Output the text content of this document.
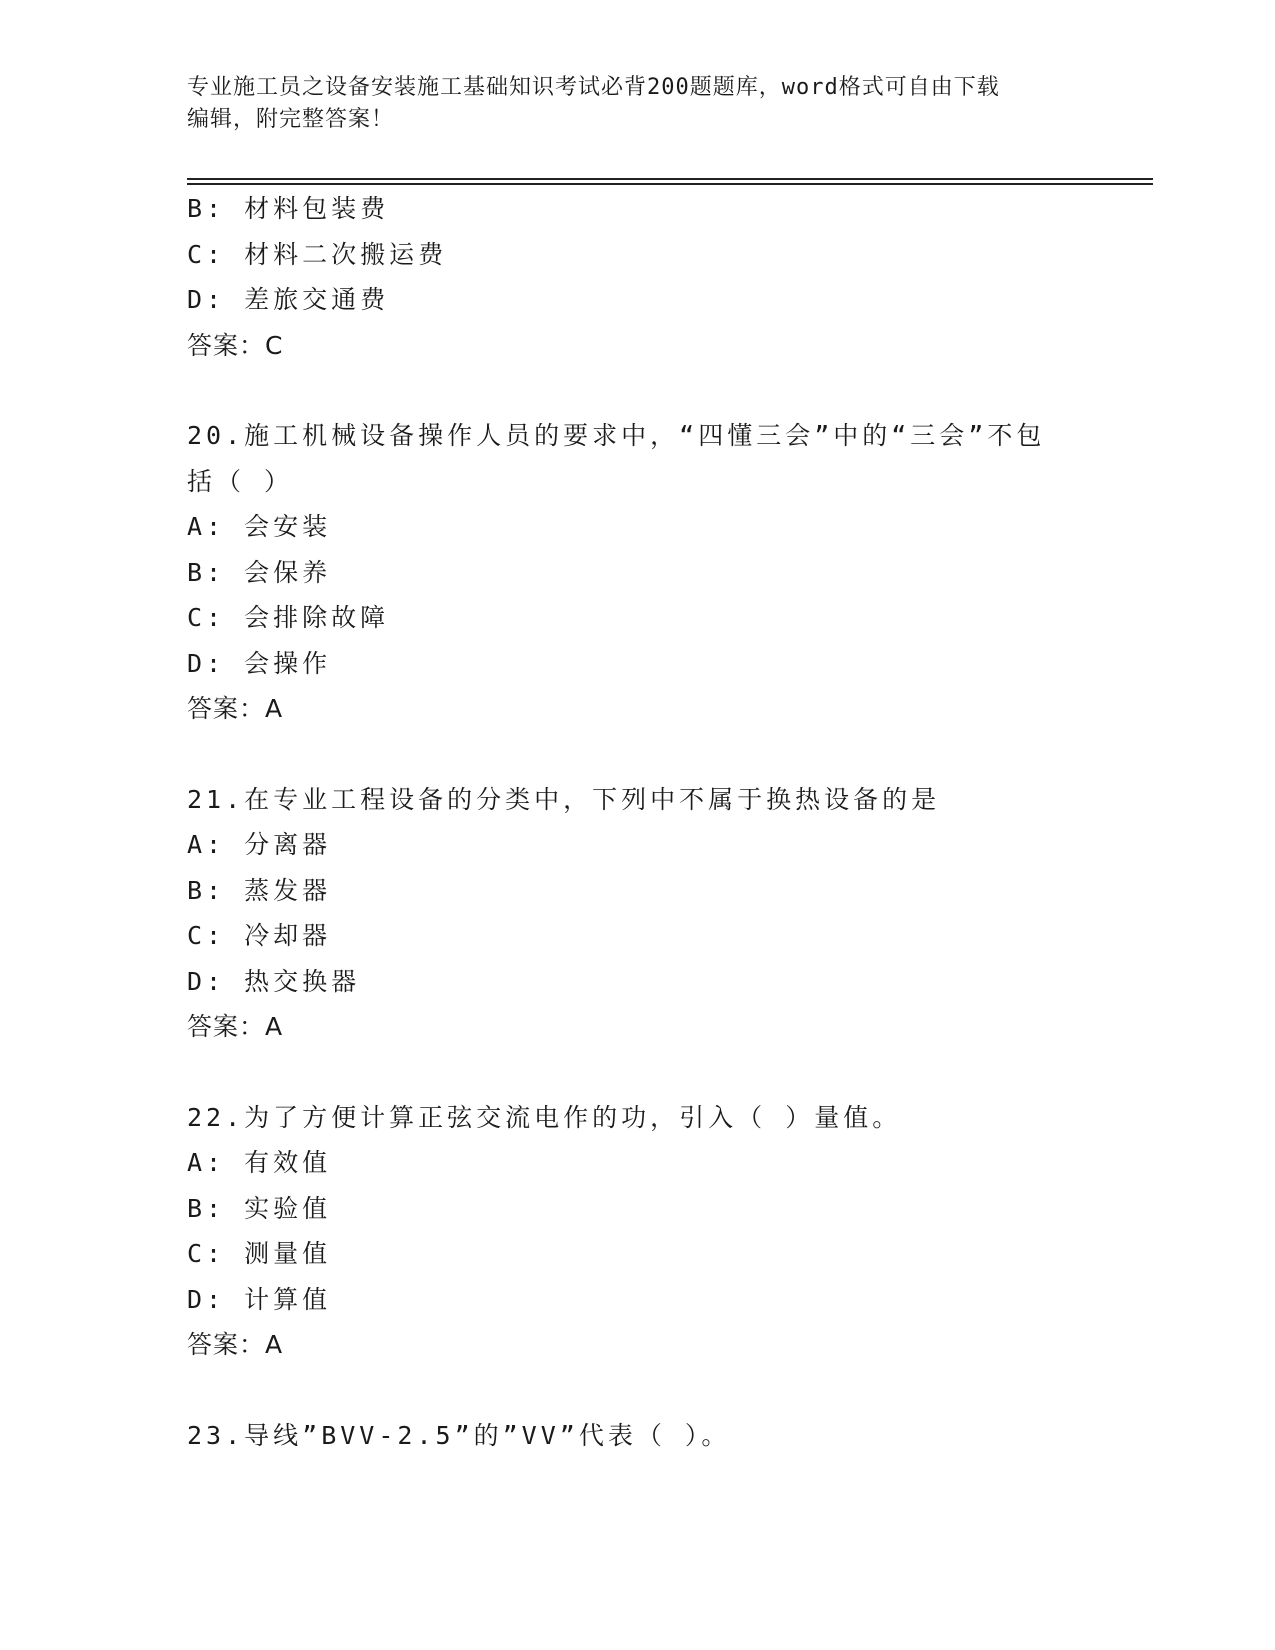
专业施工员之设备安装施工基础知识考试必背200题题库，word格式可自由下载
编辑，附完整答案！
B: 材料包装费
C: 材料二次搬运费
D: 差旅交通费
答案：C
20.施工机械设备操作人员的要求中，“四懂三会”中的“三会”不包
括（ ）
A: 会安装
B: 会保养
C: 会排除故障
D: 会操作
答案：A
21.在专业工程设备的分类中，下列中不属于换热设备的是
A: 分离器
B: 蒸发器
C: 冷却器
D: 热交换器
答案：A
22.为了方便计算正弦交流电作的功，引入（ ）量值。
A: 有效值
B: 实验值
C: 测量值
D: 计算值
答案：A
23.导线”BVV-2.5”的”VV”代表（ ）。
